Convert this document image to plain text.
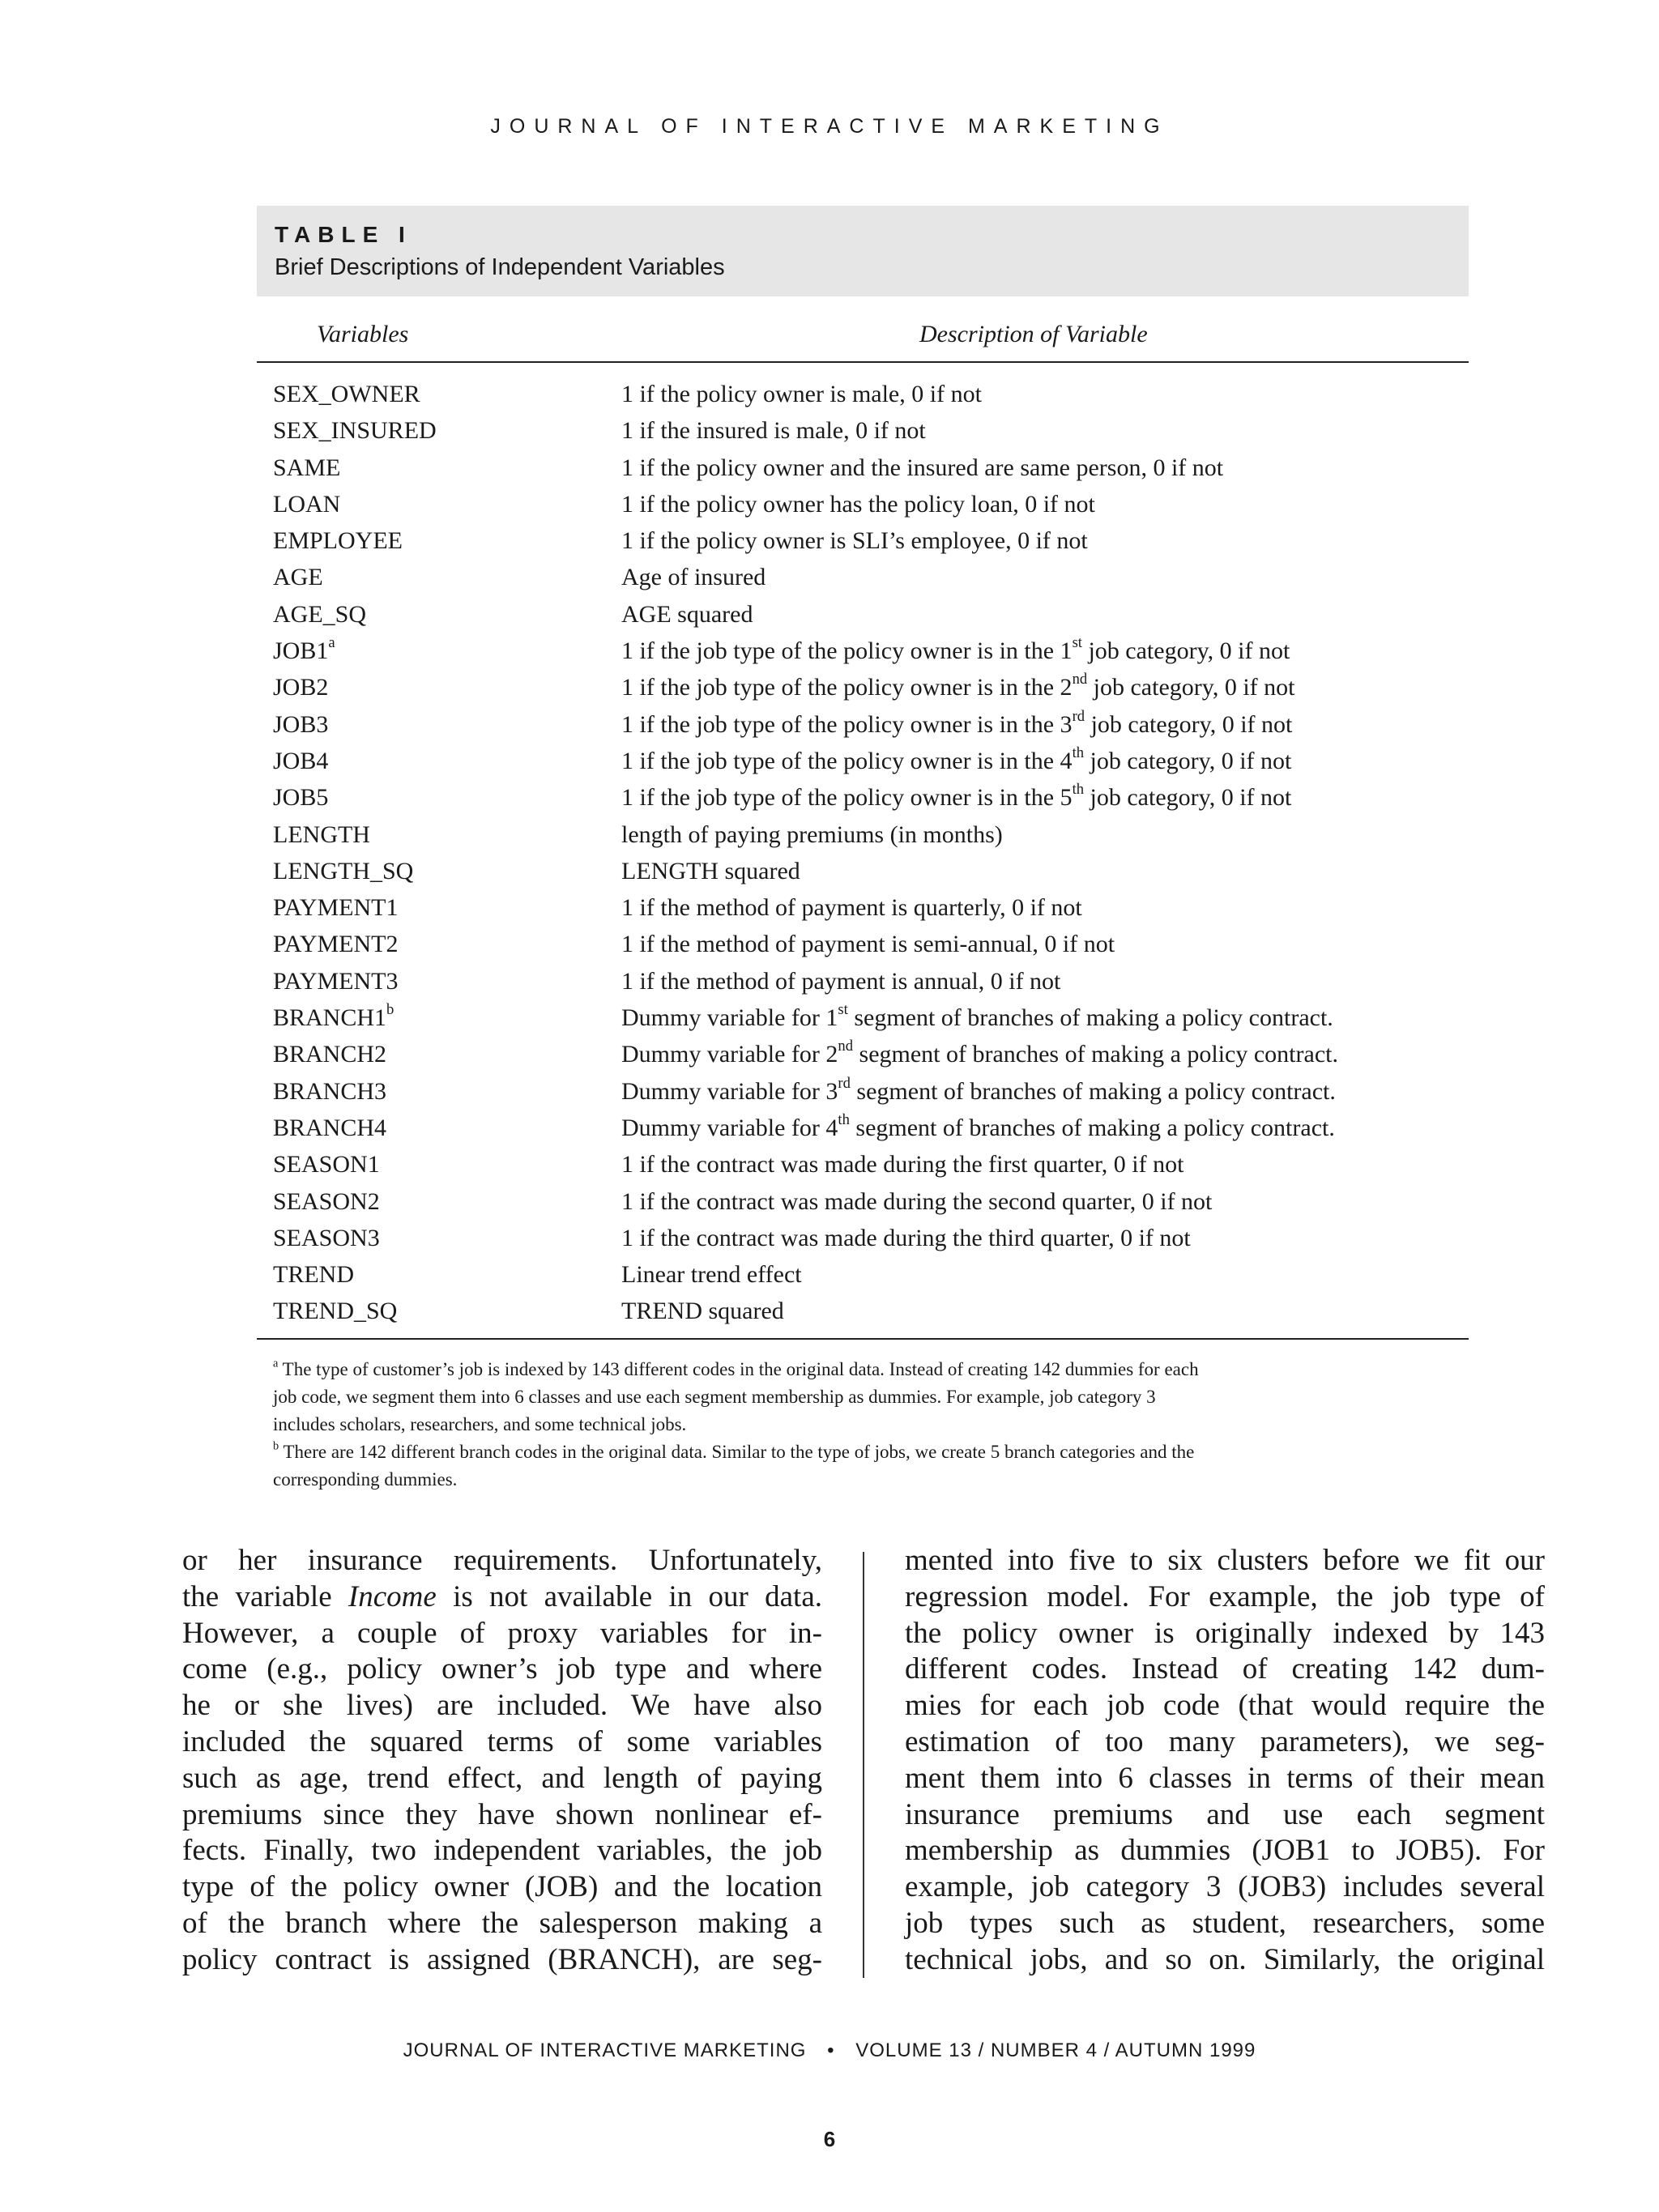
JOURNAL OF INTERACTIVE MARKETING
TABLE I
Brief Descriptions of Independent Variables
Variables	Description of Variable
SEX_OWNER	1 if the policy owner is male, 0 if not
SEX_INSURED	1 if the insured is male, 0 if not
SAME	1 if the policy owner and the insured are same person, 0 if not
LOAN	1 if the policy owner has the policy loan, 0 if not
EMPLOYEE	1 if the policy owner is SLI’s employee, 0 if not
AGE	Age of insured
AGE_SQ	AGE squared
JOB1$^a$	1 if the job type of the policy owner is in the 1st job category, 0 if not
JOB2	1 if the job type of the policy owner is in the 2nd job category, 0 if not
JOB3	1 if the job type of the policy owner is in the 3rd job category, 0 if not
JOB4	1 if the job type of the policy owner is in the 4th job category, 0 if not
JOB5	1 if the job type of the policy owner is in the 5th job category, 0 if not
LENGTH	length of paying premiums (in months)
LENGTH_SQ	LENGTH squared
PAYMENT1	1 if the method of payment is quarterly, 0 if not
PAYMENT2	1 if the method of payment is semi-annual, 0 if not
PAYMENT3	1 if the method of payment is annual, 0 if not
BRANCH1$^b$	Dummy variable for 1st segment of branches of making a policy contract.
BRANCH2	Dummy variable for 2nd segment of branches of making a policy contract.
BRANCH3	Dummy variable for 3rd segment of branches of making a policy contract.
BRANCH4	Dummy variable for 4th segment of branches of making a policy contract.
SEASON1	1 if the contract was made during the first quarter, 0 if not
SEASON2	1 if the contract was made during the second quarter, 0 if not
SEASON3	1 if the contract was made during the third quarter, 0 if not
TREND	Linear trend effect
TREND_SQ	TREND squared

$^a$ The type of customer’s job is indexed by 143 different codes in the original data. Instead of creating 142 dummies for each

job code, we segment them into 6 classes and use each segment membership as dummies. For example, job category 3

includes scholars, researchers, and some technical jobs.

$^b$ There are 142 different branch codes in the original data. Similar to the type of jobs, we create 5 branch categories and the

corresponding dummies.

or her insurance requirements. Unfortunately,
the variable Income is not available in our data.
However, a couple of proxy variables for in-
come (e.g., policy owner’s job type and where
he or she lives) are included. We have also
included the squared terms of some variables
such as age, trend effect, and length of paying
premiums since they have shown nonlinear ef-
fects. Finally, two independent variables, the job
type of the policy owner (JOB) and the location
of the branch where the salesperson making a
policy contract is assigned (BRANCH), are seg-
mented into five to six clusters before we fit our
regression model. For example, the job type of
the policy owner is originally indexed by 143
different codes. Instead of creating 142 dum-
mies for each job code (that would require the
estimation of too many parameters), we seg-
ment them into 6 classes in terms of their mean
insurance premiums and use each segment
membership as dummies (JOB1 to JOB5). For
example, job category 3 (JOB3) includes several
job types such as student, researchers, some
technical jobs, and so on. Similarly, the original
JOURNAL OF INTERACTIVE MARKETING • VOLUME 13 / NUMBER 4 / AUTUMN 1999
6
